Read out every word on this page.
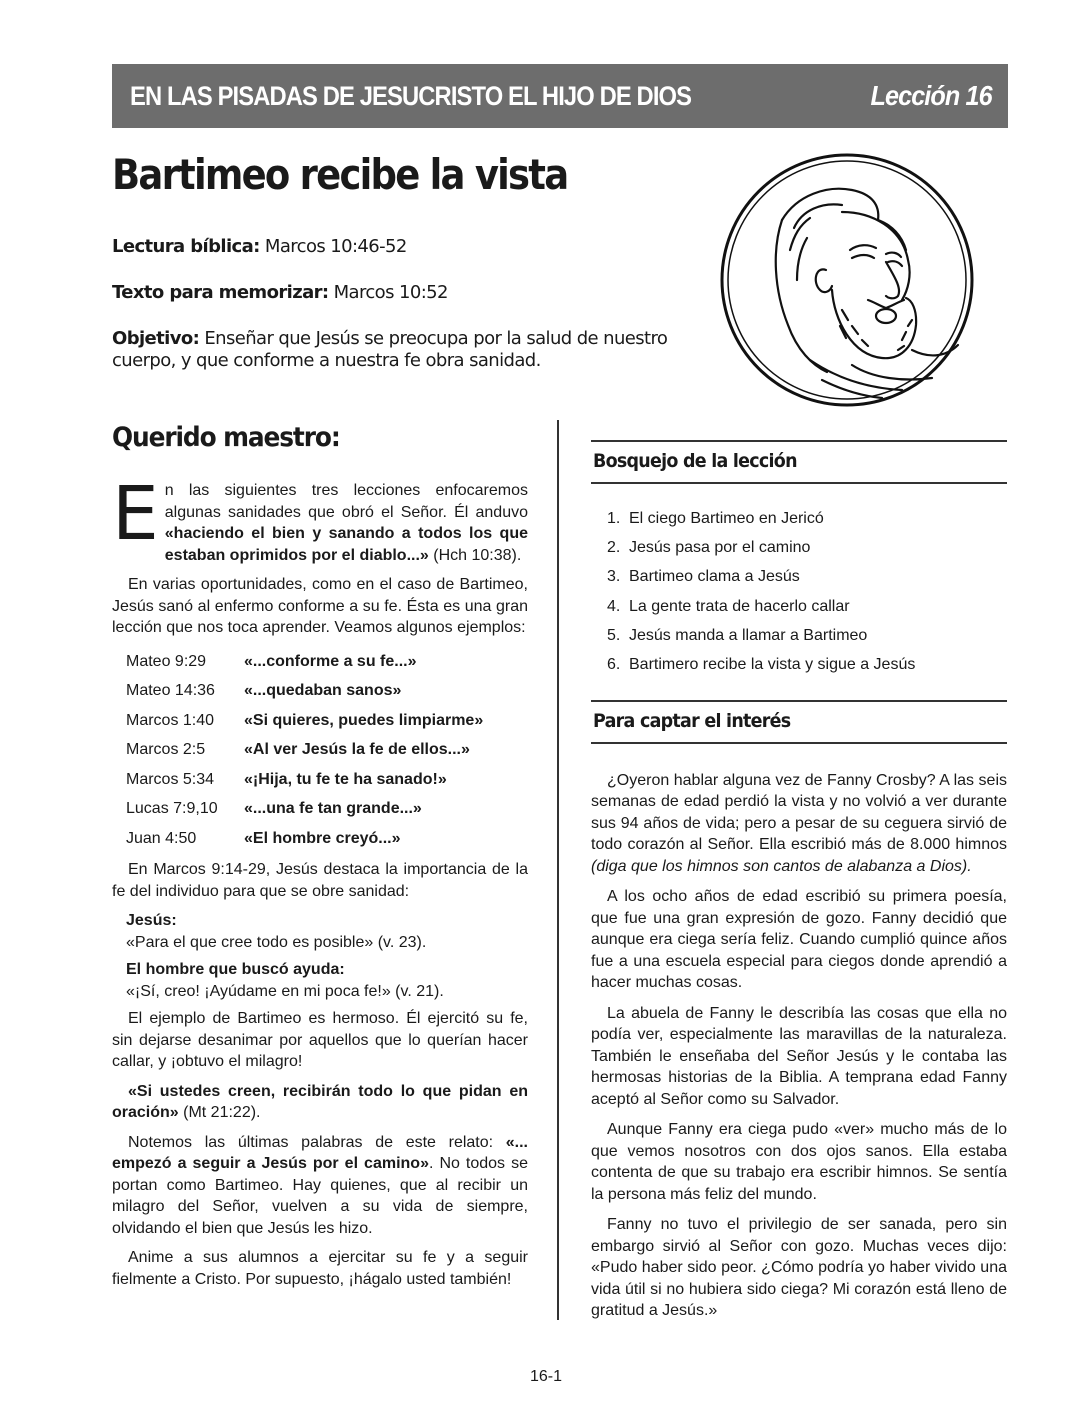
EN LAS PISADAS DE JESUCRISTO EL HIJO DE DIOS	Lección 16
Bartimeo recibe la vista
Lectura bíblica: Marcos 10:46-52
Texto para memorizar: Marcos 10:52
Objetivo: Enseñar que Jesús se preocupa por la salud de nuestro cuerpo, y que conforme a nuestra fe obra sanidad.
Querido maestro:

En las siguientes tres lecciones enfocaremos algunas sanidades que obró el Señor. Él anduvo «haciendo el bien y sanando a todos los que estaban oprimidos por el diablo...» (Hch 10:38).

En varias oportunidades, como en el caso de Bartimeo, Jesús sanó al enfermo conforme a su fe. Ésta es una gran lección que nos toca aprender. Veamos algunos ejemplos:

Mateo 9:29	«...conforme a su fe...»
Mateo 14:36	«...quedaban sanos»
Marcos 1:40	«Si quieres, puedes limpiarme»
Marcos 2:5	«Al ver Jesús la fe de ellos...»
Marcos 5:34	«¡Hija, tu fe te ha sanado!»
Lucas 7:9,10	«...una fe tan grande...»
Juan 4:50	«El hombre creyó...»

En Marcos 9:14-29, Jesús destaca la importancia de la fe del individuo para que se obre sanidad:

Jesús:
«Para el que cree todo es posible» (v. 23).
El hombre que buscó ayuda:
«¡Sí, creo! ¡Ayúdame en mi poca fe!» (v. 21).

El ejemplo de Bartimeo es hermoso. Él ejercitó su fe, sin dejarse desanimar por aquellos que lo querían hacer callar, y ¡obtuvo el milagro!

«Si ustedes creen, recibirán todo lo que pidan en oración» (Mt 21:22).

Notemos las últimas palabras de este relato: «... empezó a seguir a Jesús por el camino». No todos se portan como Bartimeo. Hay quienes, que al recibir un milagro del Señor, vuelven a su vida de siempre, olvidando el bien que Jesús les hizo.

Anime a sus alumnos a ejercitar su fe y a seguir fielmente a Cristo. Por supuesto, ¡hágalo usted también!

Bosquejo de la lección
1. El ciego Bartimeo en Jericó
2. Jesús pasa por el camino
3. Bartimeo clama a Jesús
4. La gente trata de hacerlo callar
5. Jesús manda a llamar a Bartimeo
6. Bartimero recibe la vista y sigue a Jesús
Para captar el interés

¿Oyeron hablar alguna vez de Fanny Crosby? A las seis semanas de edad perdió la vista y no volvió a ver durante sus 94 años de vida; pero a pesar de su ceguera sirvió de todo corazón al Señor. Ella escribió más de 8.000 himnos (diga que los himnos son cantos de alabanza a Dios).

A los ocho años de edad escribió su primera poesía, que fue una gran expresión de gozo. Fanny decidió que aunque era ciega sería feliz. Cuando cumplió quince años fue a una escuela especial para ciegos donde aprendió a hacer muchas cosas.

La abuela de Fanny le describía las cosas que ella no podía ver, especialmente las maravillas de la naturaleza. También le enseñaba del Señor Jesús y le contaba las hermosas historias de la Biblia. A temprana edad Fanny aceptó al Señor como su Salvador.

Aunque Fanny era ciega pudo «ver» mucho más de lo que vemos nosotros con dos ojos sanos. Ella estaba contenta de que su trabajo era escribir himnos. Se sentía la persona más feliz del mundo.

Fanny no tuvo el privilegio de ser sanada, pero sin embargo sirvió al Señor con gozo. Muchas veces dijo: «Pudo haber sido peor. ¿Cómo podría yo haber vivido una vida útil si no hubiera sido ciega? Mi corazón está lleno de gratitud a Jesús.»

16-1
